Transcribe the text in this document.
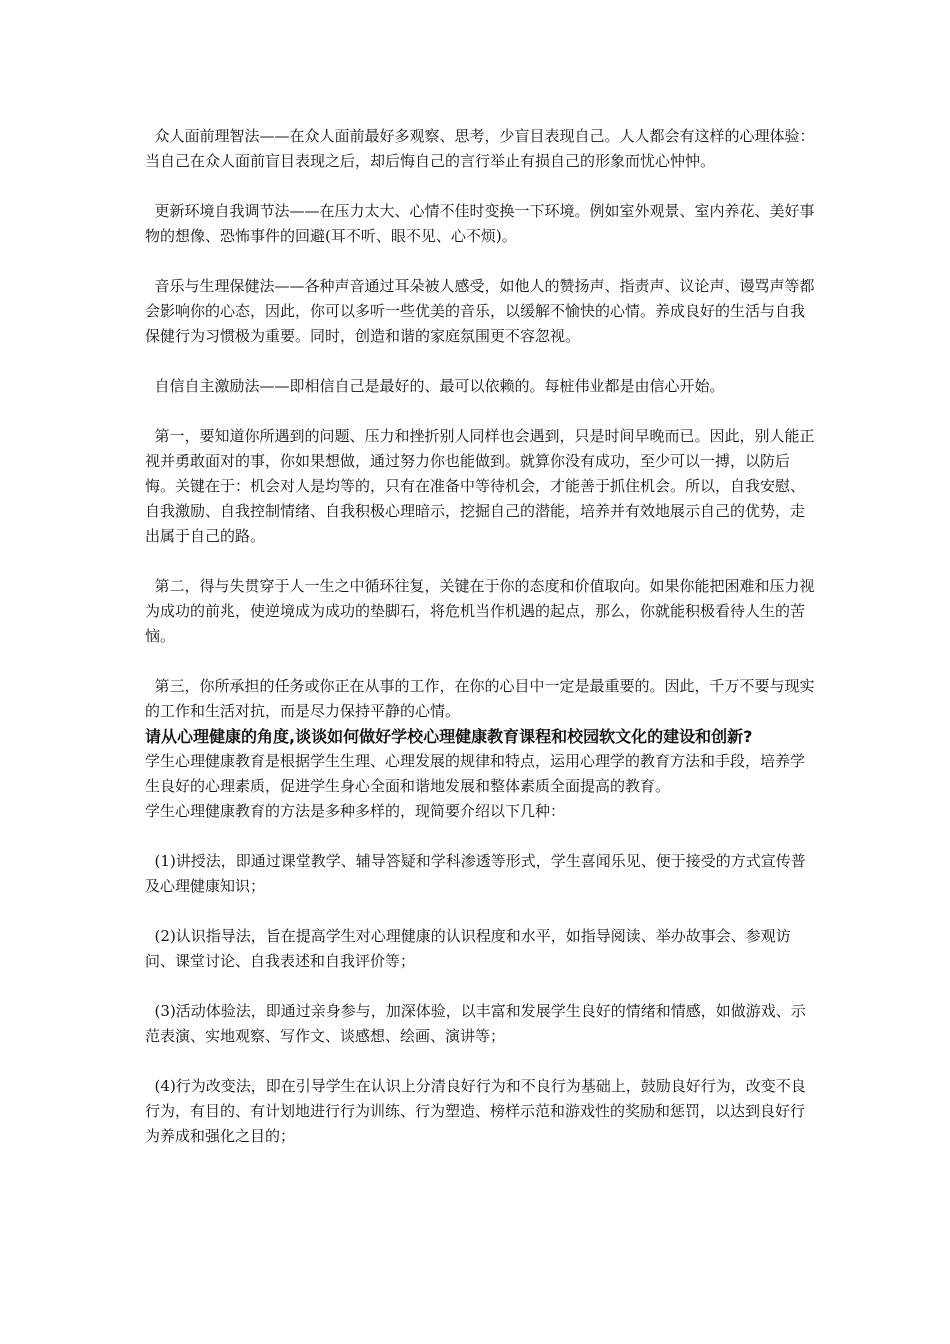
众人面前理智法——在众人面前最好多观察、思考，少盲目表现自己。人人都会有这样的心理体验：当自己在众人面前盲目表现之后，却后悔自己的言行举止有损自己的形象而忧心忡忡。

更新环境自我调节法——在压力太大、心情不佳时变换一下环境。例如室外观景、室内养花、美好事物的想像、恐怖事件的回避(耳不听、眼不见、心不烦)。

音乐与生理保健法——各种声音通过耳朵被人感受，如他人的赞扬声、指责声、议论声、谩骂声等都会影响你的心态，因此，你可以多听一些优美的音乐，以缓解不愉快的心情。养成良好的生活与自我保健行为习惯极为重要。同时，创造和谐的家庭氛围更不容忽视。

自信自主激励法——即相信自己是最好的、最可以依赖的。每桩伟业都是由信心开始。

第一，要知道你所遇到的问题、压力和挫折别人同样也会遇到，只是时间早晚而已。因此，别人能正视并勇敢面对的事，你如果想做，通过努力你也能做到。就算你没有成功，至少可以一搏，以防后悔。关键在于：机会对人是均等的，只有在准备中等待机会，才能善于抓住机会。所以，自我安慰、自我激励、自我控制情绪、自我积极心理暗示，挖掘自己的潜能，培养并有效地展示自己的优势，走出属于自己的路。

第二，得与失贯穿于人一生之中循环往复，关键在于你的态度和价值取向。如果你能把困难和压力视为成功的前兆，使逆境成为成功的垫脚石，将危机当作机遇的起点，那么，你就能积极看待人生的苦恼。

第三，你所承担的任务或你正在从事的工作，在你的心目中一定是最重要的。因此，千万不要与现实的工作和生活对抗，而是尽力保持平静的心情。

请从心理健康的角度,谈谈如何做好学校心理健康教育课程和校园软文化的建设和创新?

学生心理健康教育是根据学生生理、心理发展的规律和特点，运用心理学的教育方法和手段，培养学生良好的心理素质，促进学生身心全面和谐地发展和整体素质全面提高的教育。

学生心理健康教育的方法是多种多样的，现简要介绍以下几种：

(1)讲授法，即通过课堂教学、辅导答疑和学科渗透等形式，学生喜闻乐见、便于接受的方式宣传普及心理健康知识；

(2)认识指导法，旨在提高学生对心理健康的认识程度和水平，如指导阅读、举办故事会、参观访问、课堂讨论、自我表述和自我评价等；

(3)活动体验法，即通过亲身参与，加深体验，以丰富和发展学生良好的情绪和情感，如做游戏、示范表演、实地观察、写作文、谈感想、绘画、演讲等；

(4)行为改变法，即在引导学生在认识上分清良好行为和不良行为基础上，鼓励良好行为，改变不良行为，有目的、有计划地进行行为训练、行为塑造、榜样示范和游戏性的奖励和惩罚，以达到良好行为养成和强化之目的；
